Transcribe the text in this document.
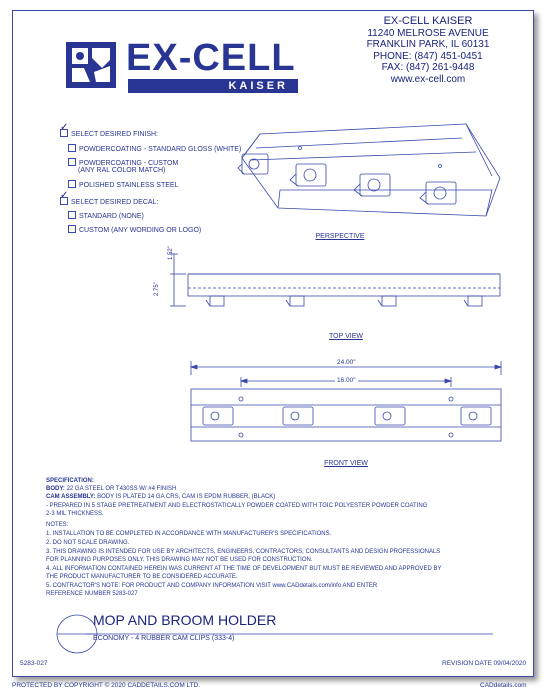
EX-CELL
KAISER
EX-CELL KAISER
11240 MELROSE AVENUE
FRANKLIN PARK, IL 60131
PHONE: (847) 451-0451
FAX: (847) 261-9448
www.ex-cell.com
✓SELECT DESIRED FINISH:
POWDERCOATING - STANDARD GLOSS (WHITE)
POWDERCOATING - CUSTOM
(ANY RAL COLOR MATCH)
POLISHED STAINLESS STEEL
✓SELECT DESIRED DECAL:
STANDARD (NONE)
CUSTOM (ANY WORDING OR LOGO)
PERSPECTIVE
1.52"
2.75"
TOP VIEW
24.00"
16.00"
FRONT VIEW
SPECIFICATION:
BODY: 22 GA STEEL OR T430SS W/ #4 FINISH
CAM ASSEMBLY: BODY IS PLATED 14 GA CRS, CAM IS EPDM RUBBER, (BLACK)
- PREPARED IN 5 STAGE PRETREATMENT AND ELECTROSTATICALLY POWDER COATED WITH TGIC POLYESTER POWDER COATING
2-3 MIL THICKNESS.
NOTES:
1. INSTALLATION TO BE COMPLETED IN ACCORDANCE WITH MANUFACTURER'S SPECIFICATIONS.
2. DO NOT SCALE DRAWING.
3. THIS DRAWING IS INTENDED FOR USE BY ARCHITECTS, ENGINEERS, CONTRACTORS, CONSULTANTS AND DESIGN PROFESSIONALS
FOR PLANNING PURPOSES ONLY. THIS DRAWING MAY NOT BE USED FOR CONSTRUCTION.
4. ALL INFORMATION CONTAINED HEREIN WAS CURRENT AT THE TIME OF DEVELOPMENT BUT MUST BE REVIEWED AND APPROVED BY
THE PRODUCT MANUFACTURER TO BE CONSIDERED ACCURATE.
5. CONTRACTOR'S NOTE: FOR PRODUCT AND COMPANY INFORMATION VISIT www.CADdetails.com/info AND ENTER
REFERENCE NUMBER 5283-027
MOP AND BROOM HOLDER
ECONOMY - 4 RUBBER CAM CLIPS (333-4)
5283-027	REVISION DATE 09/04/2020
PROTECTED BY COPYRIGHT © 2020 CADDETAILS.COM LTD.	CADdetails.com
